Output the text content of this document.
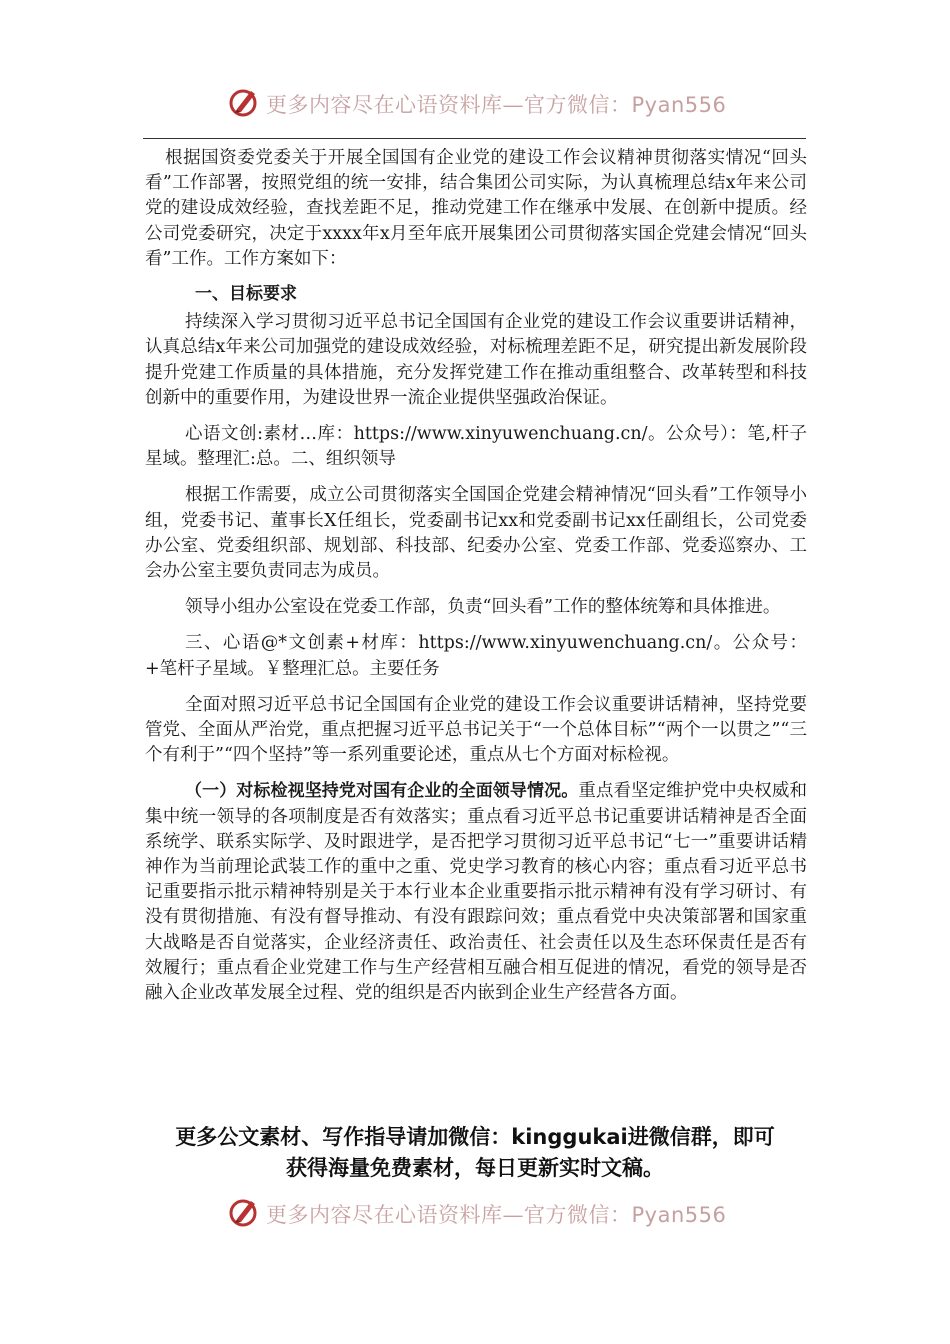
更多内容尽在心语资料库—官方微信：Pyan556

根据国资委党委关于开展全国国有企业党的建设工作会议精神贯彻落实情况“回头看”工作部署，按照党组的统一安排，结合集团公司实际，为认真梳理总结x年来公司党的建设成效经验，查找差距不足，推动党建工作在继承中发展、在创新中提质。经公司党委研究，决定于xxxx年x月至年底开展集团公司贯彻落实国企党建会情况“回头看”工作。工作方案如下：

一、目标要求

持续深入学习贯彻习近平总书记全国国有企业党的建设工作会议重要讲话精神，认真总结x年来公司加强党的建设成效经验，对标梳理差距不足，研究提出新发展阶段提升党建工作质量的具体措施，充分发挥党建工作在推动重组整合、改革转型和科技创新中的重要作用，为建设世界一流企业提供坚强政治保证。

心语文创:素材…库：https://www.xinyuwenchuang.cn/。公众号）：笔,杆子星域。整理汇:总。二、组织领导

根据工作需要，成立公司贯彻落实全国国企党建会精神情况“回头看”工作领导小组，党委书记、董事长X任组长，党委副书记xx和党委副书记xx任副组长，公司党委办公室、党委组织部、规划部、科技部、纪委办公室、党委工作部、党委巡察办、工会办公室主要负责同志为成员。

领导小组办公室设在党委工作部，负责“回头看”工作的整体统筹和具体推进。

三、心语@*文创素+材库：https://www.xinyuwenchuang.cn/。公众号：+笔杆子星域。￥整理汇总。主要任务

全面对照习近平总书记全国国有企业党的建设工作会议重要讲话精神，坚持党要管党、全面从严治党，重点把握习近平总书记关于“一个总体目标”“两个一以贯之”“三个有利于”“四个坚持”等一系列重要论述，重点从七个方面对标检视。

（一）对标检视坚持党对国有企业的全面领导情况。重点看坚定维护党中央权威和集中统一领导的各项制度是否有效落实；重点看习近平总书记重要讲话精神是否全面系统学、联系实际学、及时跟进学，是否把学习贯彻习近平总书记“七一”重要讲话精神作为当前理论武装工作的重中之重、党史学习教育的核心内容；重点看习近平总书记重要指示批示精神特别是关于本行业本企业重要指示批示精神有没有学习研讨、有没有贯彻措施、有没有督导推动、有没有跟踪问效；重点看党中央决策部署和国家重大战略是否自觉落实，企业经济责任、政治责任、社会责任以及生态环保责任是否有效履行；重点看企业党建工作与生产经营相互融合相互促进的情况，看党的领导是否融入企业改革发展全过程、党的组织是否内嵌到企业生产经营各方面。

更多公文素材、写作指导请加微信：kinggukai进微信群，即可
获得海量免费素材，每日更新实时文稿。
更多内容尽在心语资料库—官方微信：Pyan556
